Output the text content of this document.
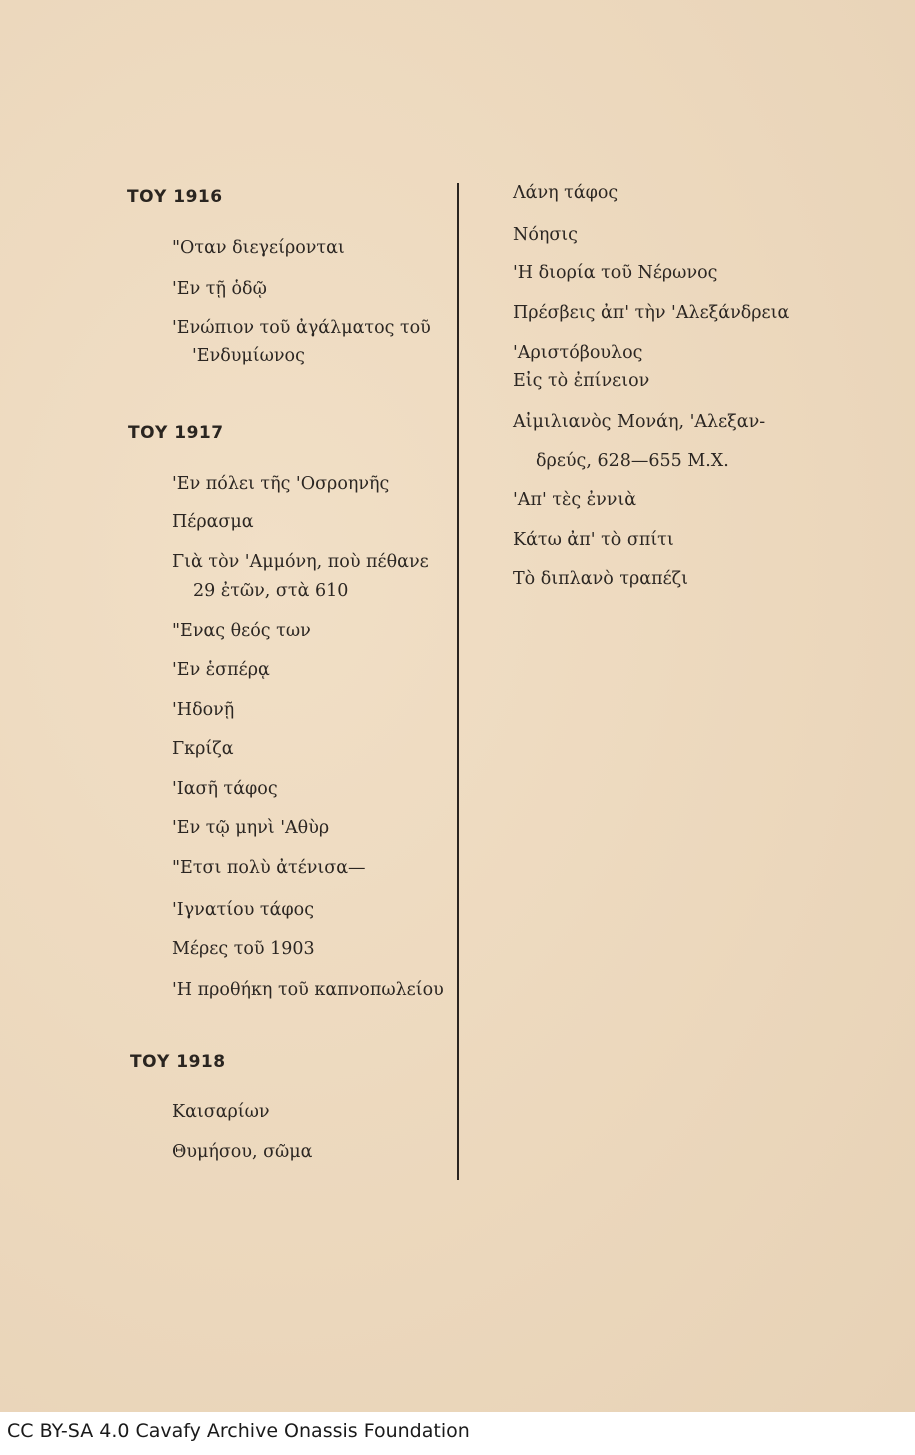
ΤΟΥ 1916
"Οταν διεγείρονται
'Εν τῇ ὁδῷ
'Ενώπιον τοῦ ἀγάλματος τοῦ
'Ενδυμίωνος
ΤΟΥ 1917
'Εν πόλει τῆς 'Οσροηνῆς
Πέρασμα
Γιὰ τὸν 'Αμμόνη, ποὺ πέθανε
29 ἐτῶν, στὰ 610
"Ενας θεός των
'Εν ἑσπέρᾳ
'Ηδονῇ
Γκρίζα
'Ιασῆ τάφος
'Εν τῷ μηνὶ 'Αθὺρ
"Ετσι πολὺ ἀτένισα—
'Ιγνατίου τάφος
Μέρες τοῦ 1903
'Η προθήκη τοῦ καπνοπωλείου
ΤΟΥ 1918
Καισαρίων
Θυμήσου, σῶμα
Λάνη τάφος
Νόησις
'Η διορία τοῦ Νέρωνος
Πρέσβεις ἀπ' τὴν 'Αλεξάνδρεια
'Αριστόβουλος
Εἰς τὸ ἐπίνειον
Αἰμιλιανὸς Μονάη, 'Αλεξαν-
δρεύς, 628—655 Μ.Χ.
'Απ' τὲς ἐννιὰ
Κάτω ἀπ' τὸ σπίτι
Τὸ διπλανὸ τραπέζι
CC BY-SA 4.0 Cavafy Archive Onassis Foundation
